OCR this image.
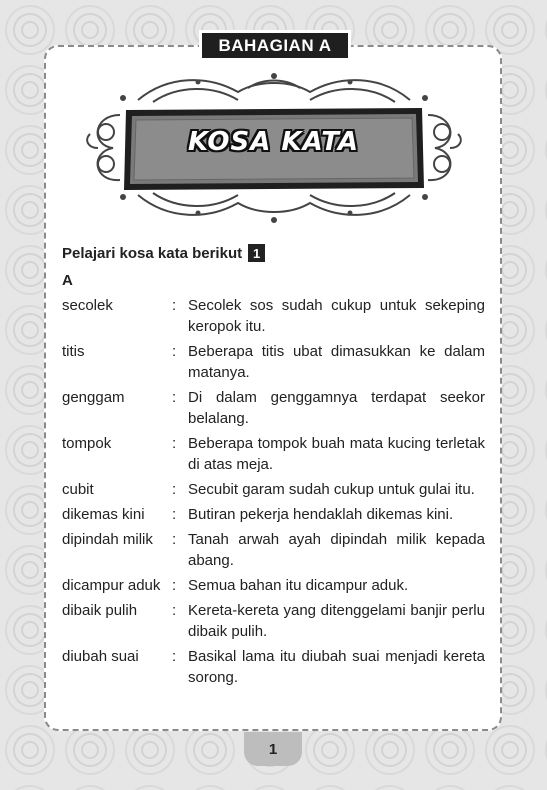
BAHAGIAN A
KOSA KATA
Pelajari kosa kata berikut 1
A
secolek	: Secolek sos sudah cukup untuk sekeping keropok itu.
titis	: Beberapa titis ubat dimasukkan ke dalam matanya.
genggam	: Di dalam genggamnya terdapat seekor belalang.
tompok	: Beberapa tompok buah mata kucing terletak di atas meja.
cubit	: Secubit garam sudah cukup untuk gulai itu.
dikemas kini	: Butiran pekerja hendaklah dikemas kini.
dipindah milik	: Tanah arwah ayah dipindah milik kepada abang.
dicampur aduk : Semua bahan itu dicampur aduk.
dibaik pulih	: Kereta-kereta yang ditenggelami banjir perlu dibaik pulih.
diubah suai	: Basikal lama itu diubah suai menjadi kereta sorong.
1
